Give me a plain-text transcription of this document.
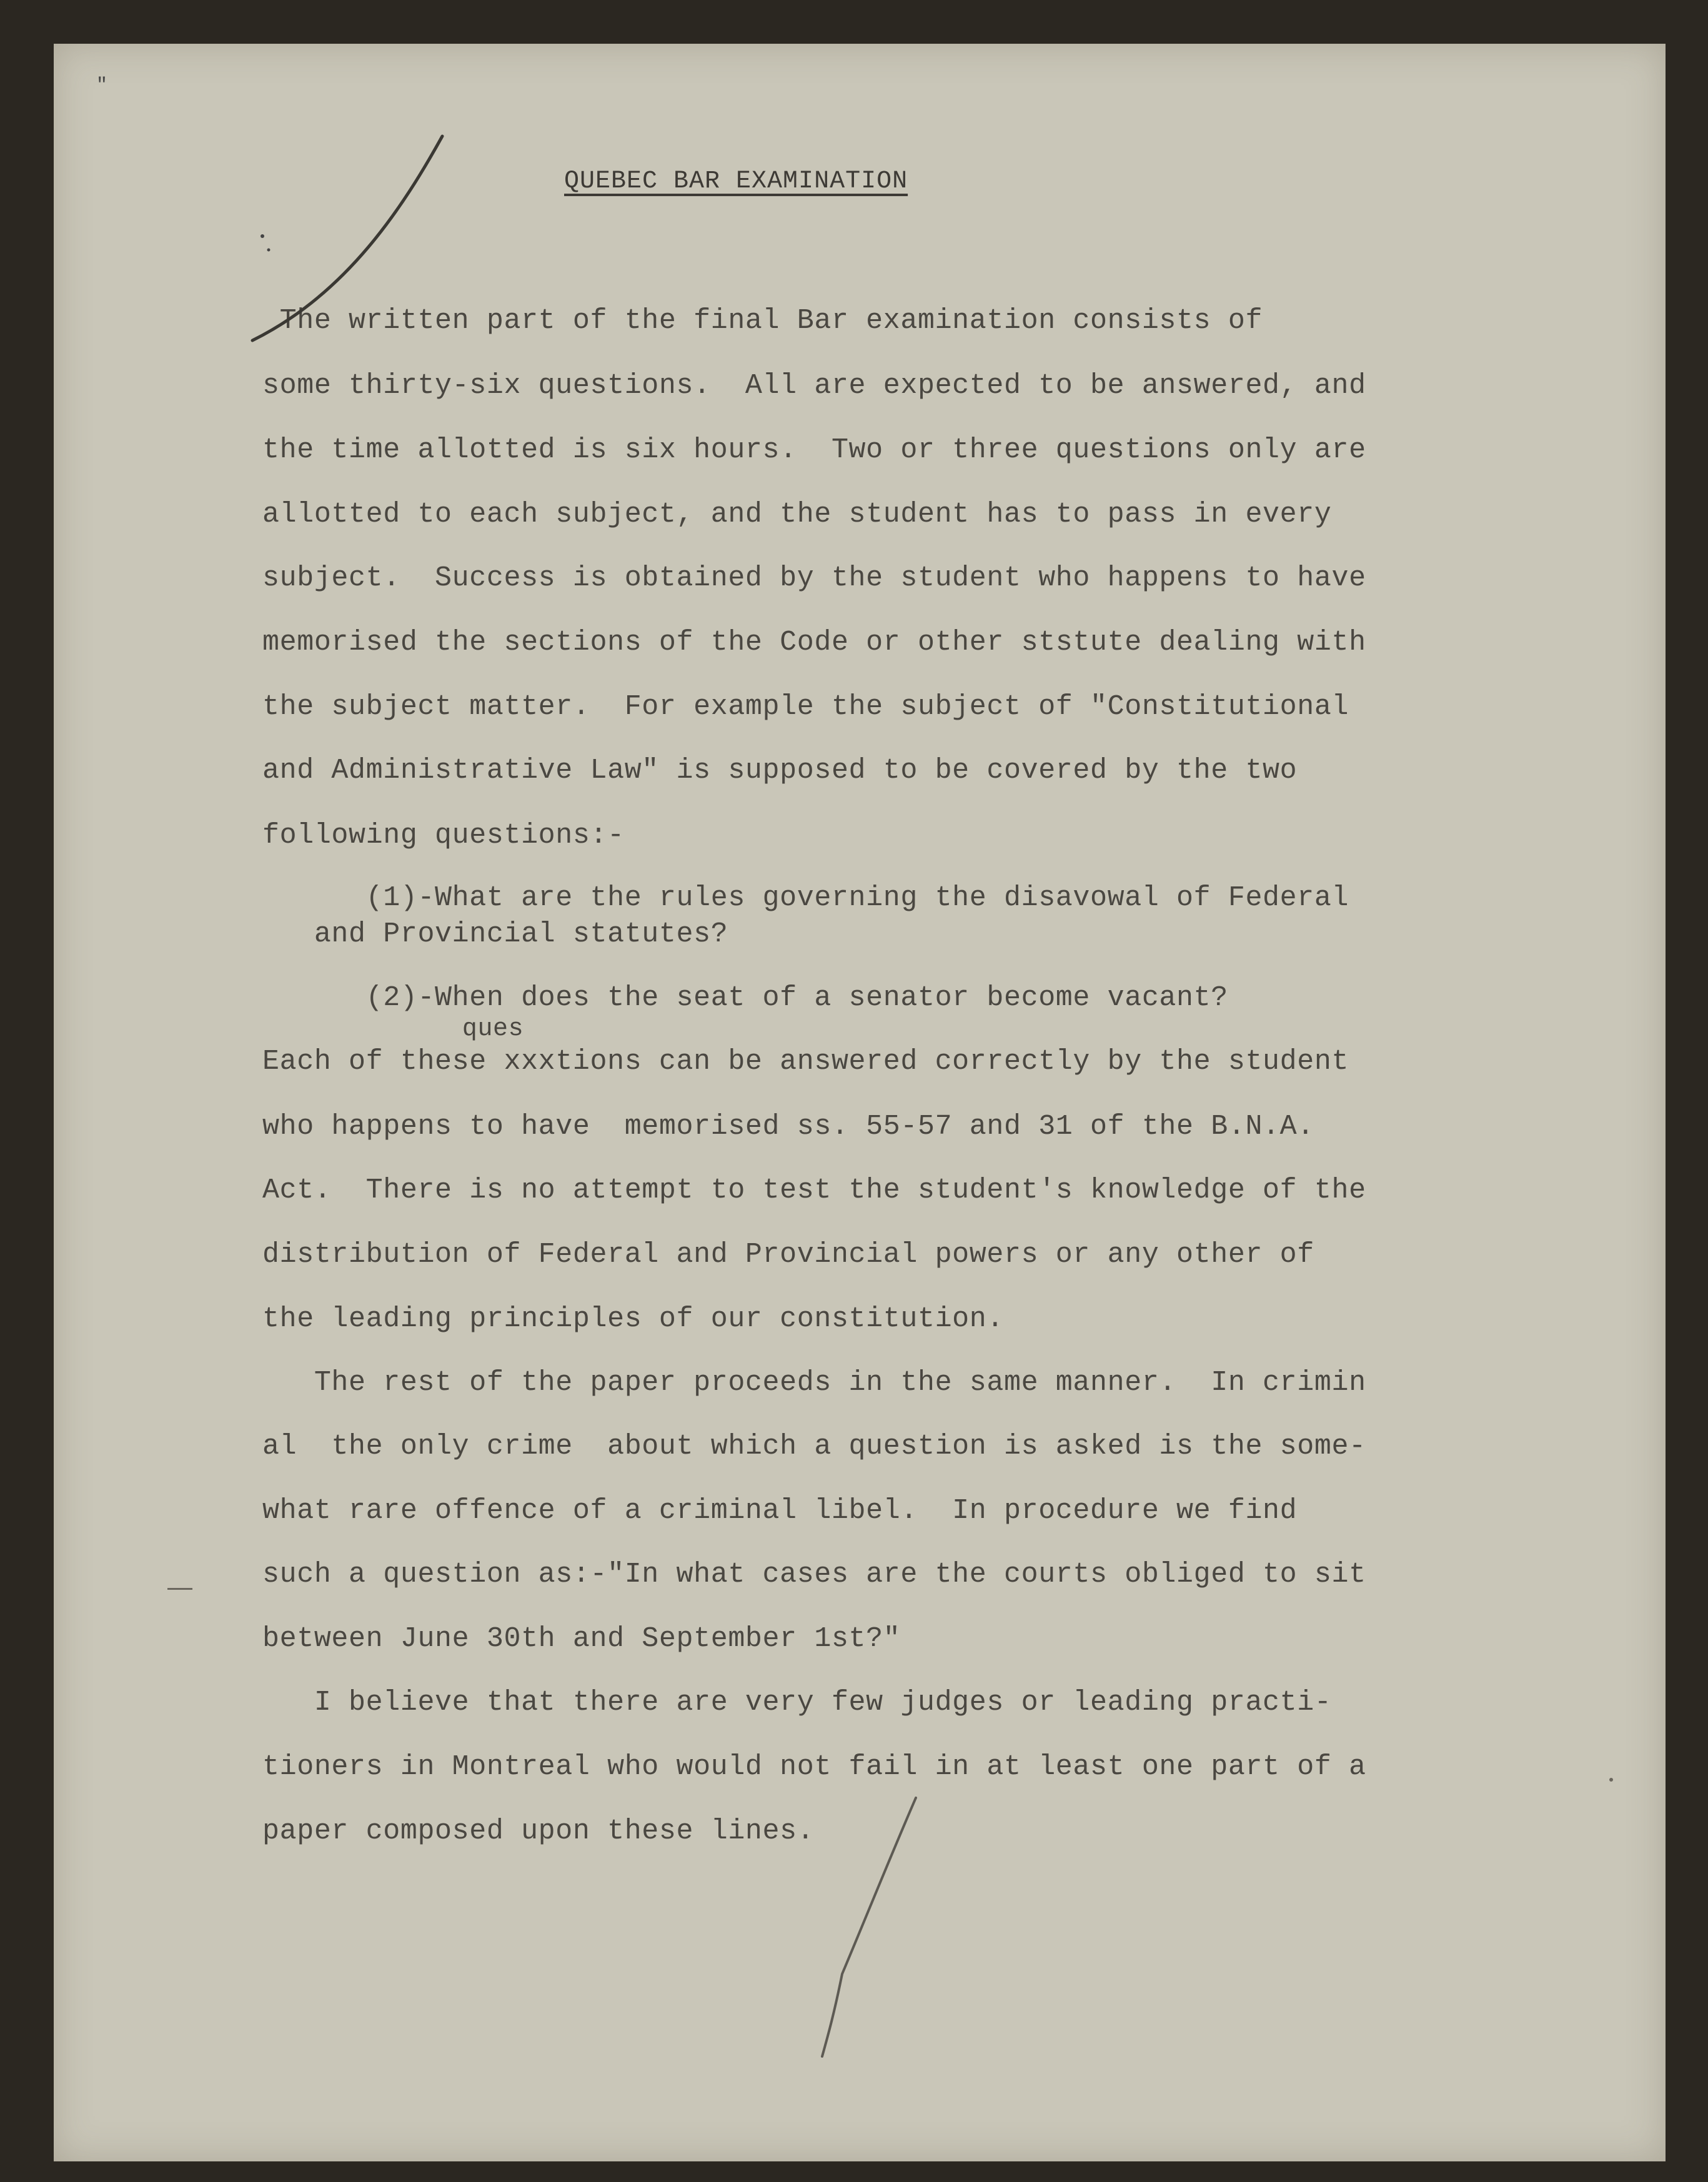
"
QUEBEC BAR EXAMINATION
The written part of the final Bar examination consists of
some thirty-six questions.  All are expected to be answered, and
the time allotted is six hours.  Two or three questions only are
allotted to each subject, and the student has to pass in every
subject.  Success is obtained by the student who happens to have
memorised the sections of the Code or other ststute dealing with
the subject matter.  For example the subject of "Constitutional
and Administrative Law" is supposed to be covered by the two
following questions:-
(1)-What are the rules governing the disavowal of Federal
and Provincial statutes?
(2)-When does the seat of a senator become vacant?
ques
Each of these xxxtions can be answered correctly by the student
who happens to have  memorised ss. 55-57 and 31 of the B.N.A.
Act.  There is no attempt to test the student's knowledge of the
distribution of Federal and Provincial powers or any other of
the leading principles of our constitution.
The rest of the paper proceeds in the same manner.  In crimin
al  the only crime  about which a question is asked is the some-
what rare offence of a criminal libel.  In procedure we find
such a question as:-"In what cases are the courts obliged to sit
between June 30th and September 1st?"
I believe that there are very few judges or leading practi-
tioners in Montreal who would not fail in at least one part of a
paper composed upon these lines.
